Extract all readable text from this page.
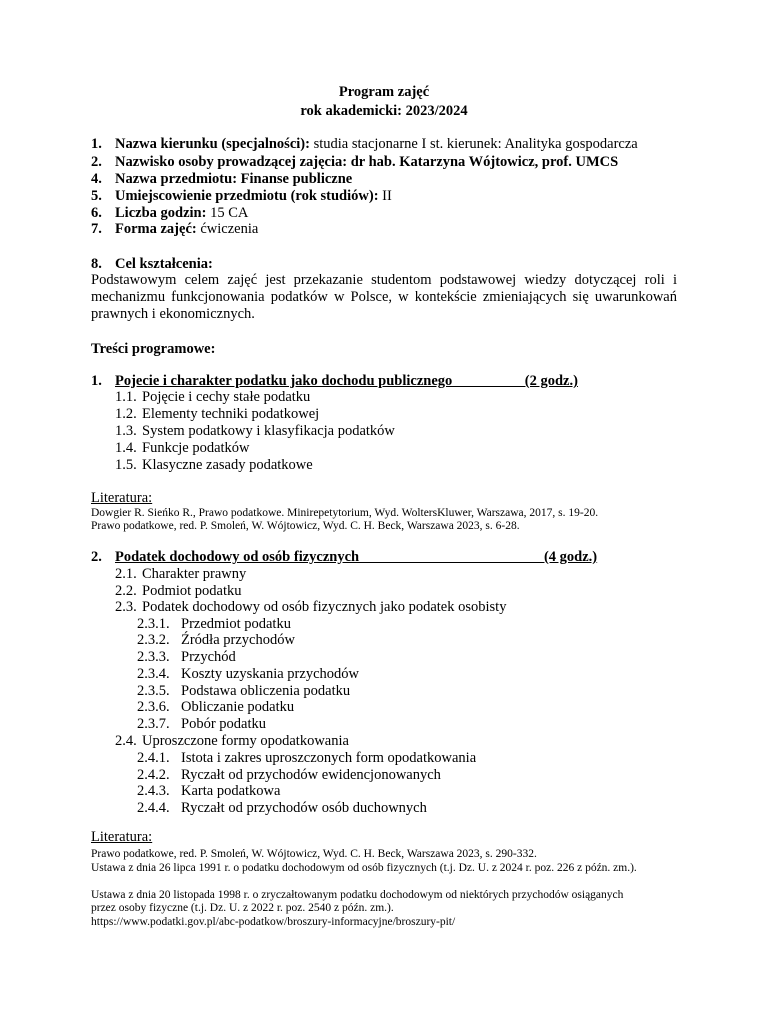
Program zajęć
rok akademicki: 2023/2024
1. Nazwa kierunku (specjalności): studia stacjonarne I st. kierunek: Analityka gospodarcza
2. Nazwisko osoby prowadzącej zajęcia: dr hab. Katarzyna Wójtowicz, prof. UMCS
4. Nazwa przedmiotu: Finanse publiczne
5. Umiejscowienie przedmiotu (rok studiów): II
6. Liczba godzin: 15 CA
7. Forma zajęć: ćwiczenia
8. Cel kształcenia:
Podstawowym celem zajęć jest przekazanie studentom podstawowej wiedzy dotyczącej roli i mechanizmu funkcjonowania podatków w Polsce, w kontekście zmieniających się uwarunkowań prawnych i ekonomicznych.
Treści programowe:
1. Pojecie i charakter podatku jako dochodu publicznego                    (2 godz.)
1.1. Pojęcie i cechy stałe podatku
1.2. Elementy techniki podatkowej
1.3. System podatkowy i klasyfikacja podatków
1.4. Funkcje podatków
1.5. Klasyczne zasady podatkowe
Literatura:
Dowgier R. Sieńko R., Prawo podatkowe. Minirepetytorium, Wyd. WoltersKluwer, Warszawa, 2017, s. 19-20.
Prawo podatkowe, red. P. Smoleń, W. Wójtowicz, Wyd. C. H. Beck, Warszawa 2023, s. 6-28.
2. Podatek dochodowy od osób fizycznych                                                   (4 godz.)
2.1. Charakter prawny
2.2. Podmiot podatku
2.3. Podatek dochodowy od osób fizycznych jako podatek osobisty
2.3.1. Przedmiot podatku
2.3.2. Źródła przychodów
2.3.3. Przychód
2.3.4. Koszty uzyskania przychodów
2.3.5. Podstawa obliczenia podatku
2.3.6. Obliczanie podatku
2.3.7. Pobór podatku
2.4. Uproszczone formy opodatkowania
2.4.1. Istota i zakres uproszczonych form opodatkowania
2.4.2. Ryczałt od przychodów ewidencjonowanych
2.4.3. Karta podatkowa
2.4.4. Ryczałt od przychodów osób duchownych
Literatura:
Prawo podatkowe, red. P. Smoleń, W. Wójtowicz, Wyd. C. H. Beck, Warszawa 2023, s. 290-332.
Ustawa z dnia 26 lipca 1991 r. o podatku dochodowym od osób fizycznych (t.j. Dz. U. z 2024 r. poz. 226 z późn. zm.).
Ustawa z dnia 20 listopada 1998 r. o zryczałtowanym podatku dochodowym od niektórych przychodów osiąganych przez osoby fizyczne (t.j. Dz. U. z 2022 r. poz. 2540 z późn. zm.).
https://www.podatki.gov.pl/abc-podatkow/broszury-informacyjne/broszury-pit/
